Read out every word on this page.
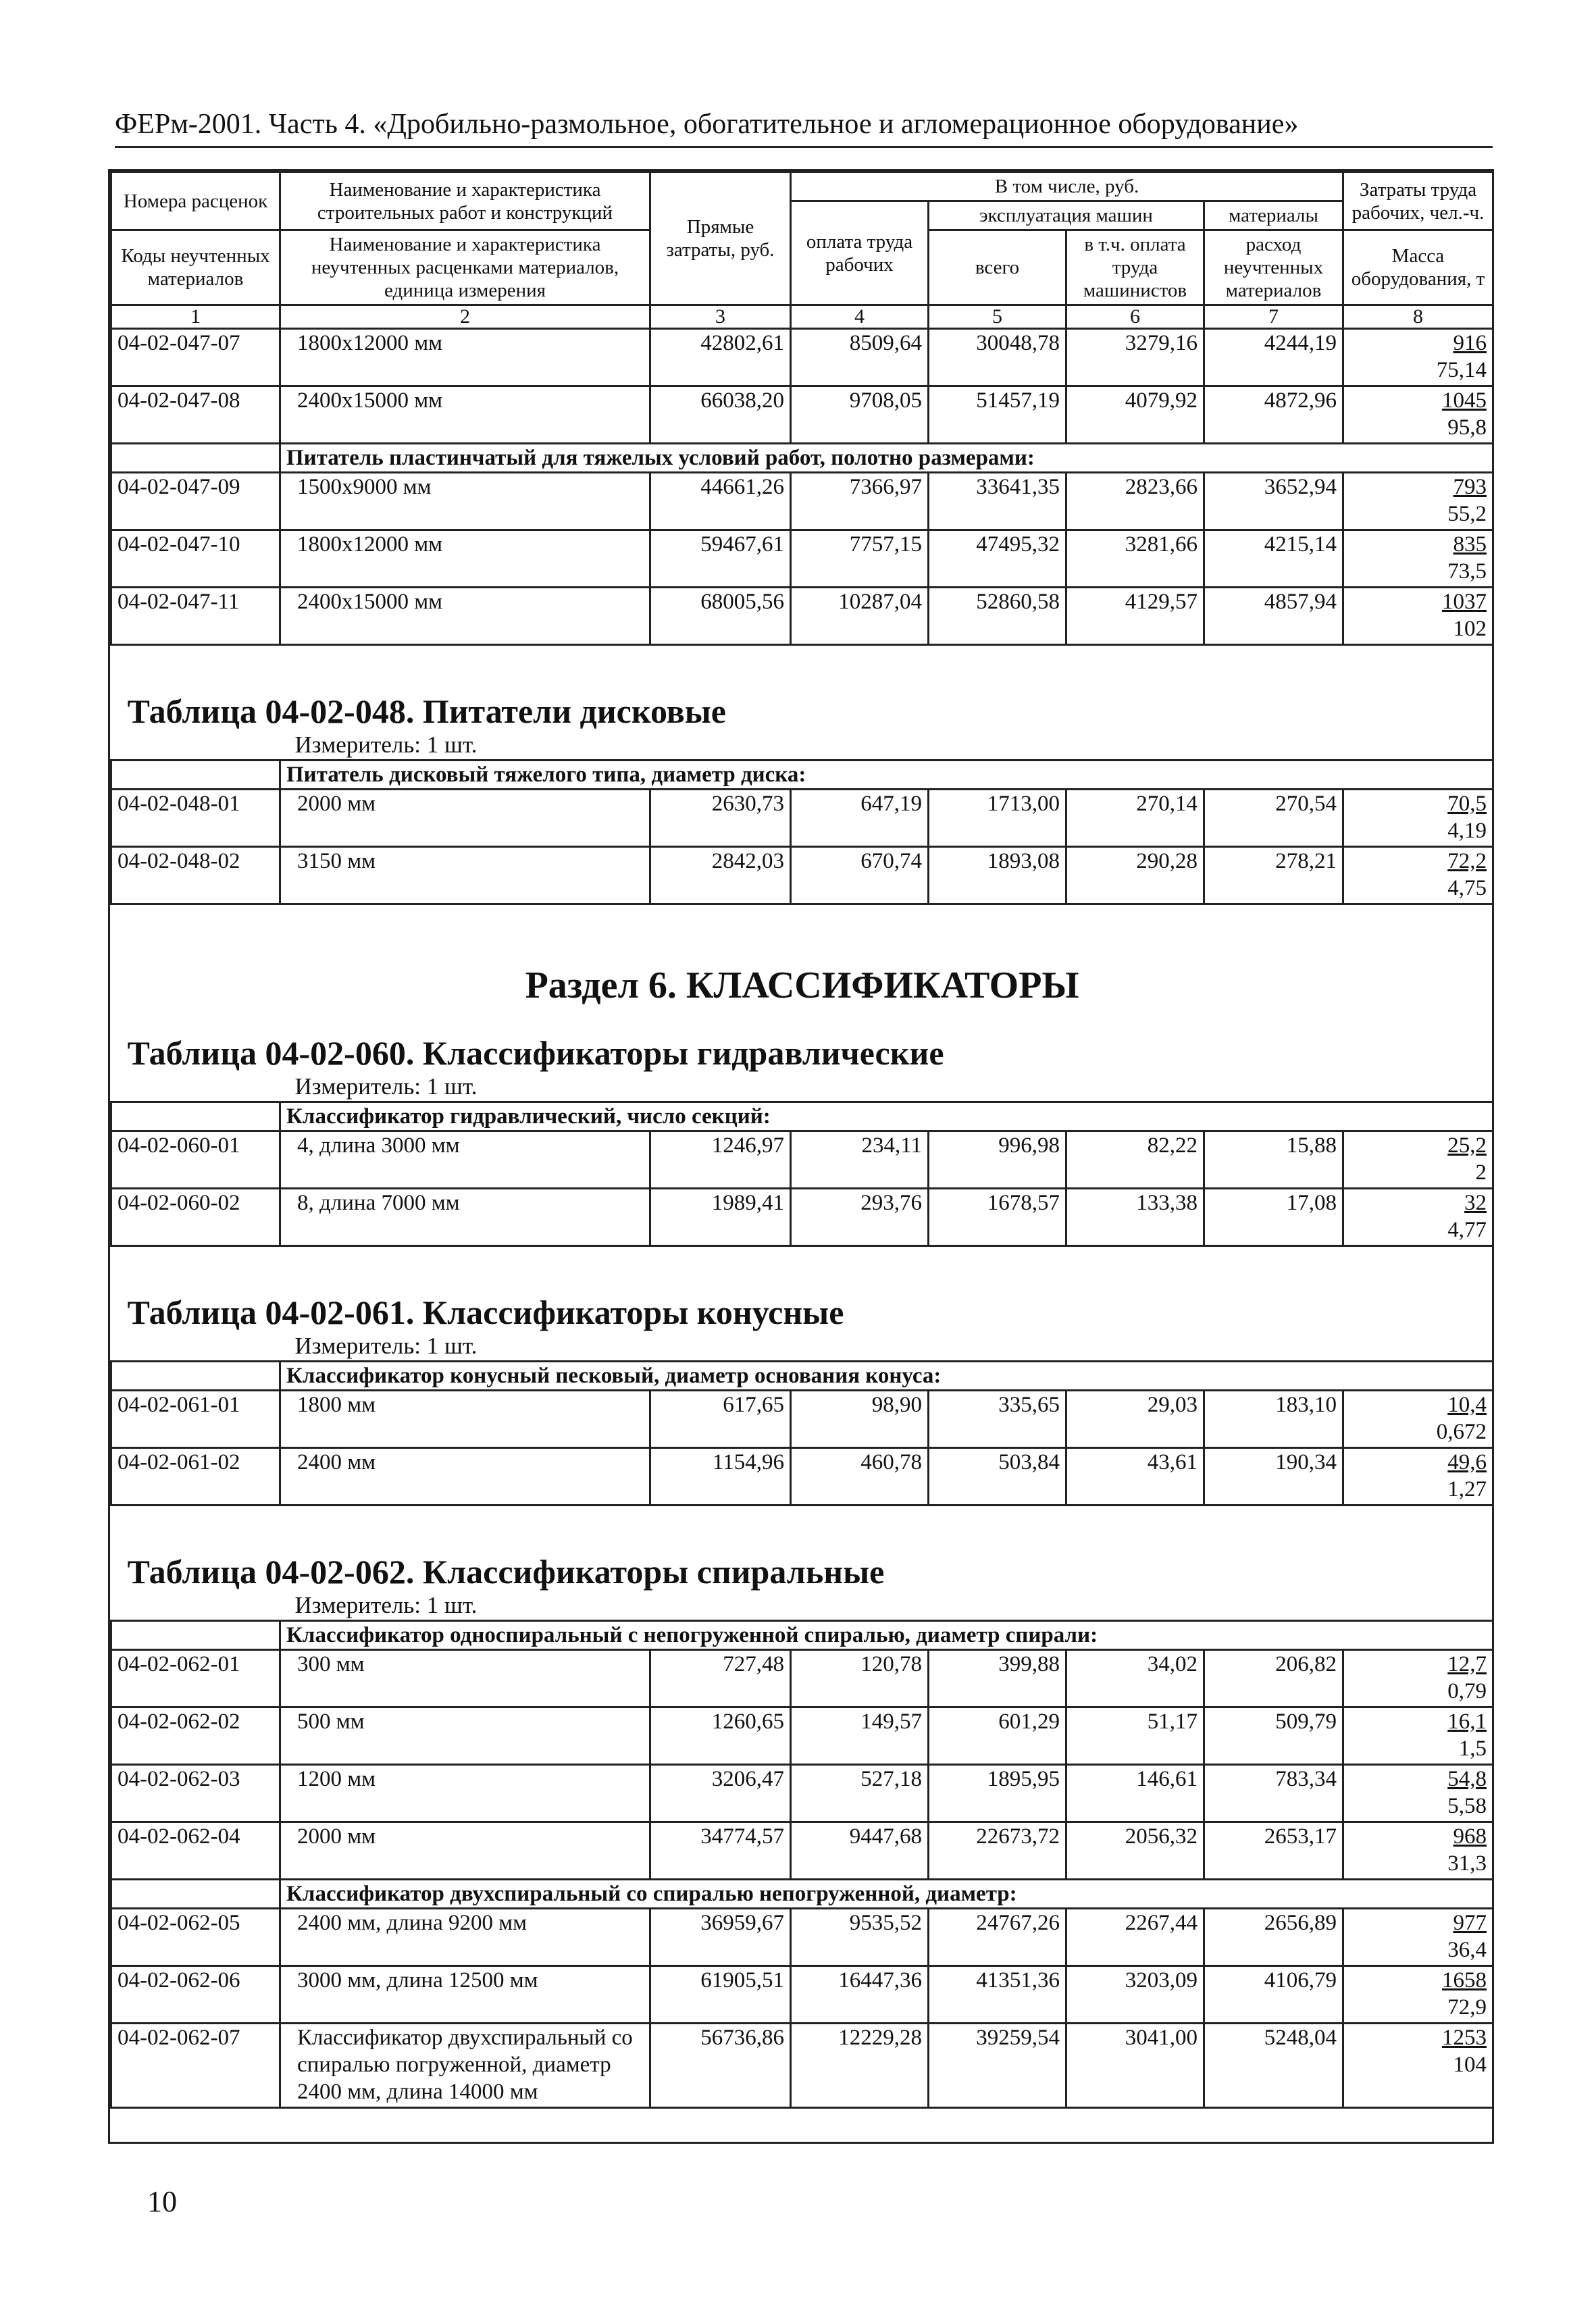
ФЕРм-2001. Часть 4. «Дробильно-размольное, обогатительное и агломерационное оборудование»
Номера расценок	Наименование и характеристика строительных работ и конструкций	Прямые затраты, руб.	В том числе, руб.				Затраты труда рабочих, чел.-ч.
			оплата труда рабочих	эксплуатация машин		материалы	
Коды неучтенных материалов	Наименование и характеристика неучтенных расценками материалов, единица измерения			всего	в т.ч. оплата труда машинистов	расход неучтенных материалов	
							Масса оборудования, т
1	2	3	4	5	6	7	8
04-02-047-07	1800x12000 мм	42802,61	8509,64	30048,78	3279,16	4244,19	916
75,14

04-02-047-08	2400x15000 мм	66038,20	9708,05	51457,19	4079,92	4872,96	1045
95,8

	Питатель пластинчатый для тяжелых условий работ, полотно размерами:						
04-02-047-09	1500x9000 мм	44661,26	7366,97	33641,35	2823,66	3652,94	793
55,2

04-02-047-10	1800x12000 мм	59467,61	7757,15	47495,32	3281,66	4215,14	835
73,5

04-02-047-11	2400x15000 мм	68005,56	10287,04	52860,58	4129,57	4857,94	1037
102

Таблица 04-02-048. Питатели дисковые
Измеритель: 1 шт.							

	Питатель дисковый тяжелого типа, диаметр диска:						
04-02-048-01	2000 мм	2630,73	647,19	1713,00	270,14	270,54	70,5
4,19

04-02-048-02	3150 мм	2842,03	670,74	1893,08	290,28	278,21	72,2
4,75

Раздел 6. КЛАССИФИКАТОРЫ
Таблица 04-02-060. Классификаторы гидравлические
Измеритель: 1 шт.							

	Классификатор гидравлический, число секций:						
04-02-060-01	4, длина 3000 мм	1246,97	234,11	996,98	82,22	15,88	25,2
2

04-02-060-02	8, длина 7000 мм	1989,41	293,76	1678,57	133,38	17,08	32
4,77

Таблица 04-02-061. Классификаторы конусные
Измеритель: 1 шт.							

	Классификатор конусный песковый, диаметр основания конуса:						
04-02-061-01	1800 мм	617,65	98,90	335,65	29,03	183,10	10,4
0,672

04-02-061-02	2400 мм	1154,96	460,78	503,84	43,61	190,34	49,6
1,27

Таблица 04-02-062. Классификаторы спиральные
Измеритель: 1 шт.							

	Классификатор односпиральный с непогруженной спиралью, диаметр спирали:						
04-02-062-01	300 мм	727,48	120,78	399,88	34,02	206,82	12,7
0,79

04-02-062-02	500 мм	1260,65	149,57	601,29	51,17	509,79	16,1
1,5

04-02-062-03	1200 мм	3206,47	527,18	1895,95	146,61	783,34	54,8
5,58

04-02-062-04	2000 мм	34774,57	9447,68	22673,72	2056,32	2653,17	968
31,3

	Классификатор двухспиральный со спиралью непогруженной, диаметр:						
04-02-062-05	2400 мм, длина 9200 мм	36959,67	9535,52	24767,26	2267,44	2656,89	977
36,4

04-02-062-06	3000 мм, длина 12500 мм	61905,51	16447,36	41351,36	3203,09	4106,79	1658
72,9

04-02-062-07	Классификатор двухспиральный со спиралью погруженной, диаметр 2400 мм, длина 14000 мм	56736,86	12229,28	39259,54	3041,00	5248,04	1253
104
10
